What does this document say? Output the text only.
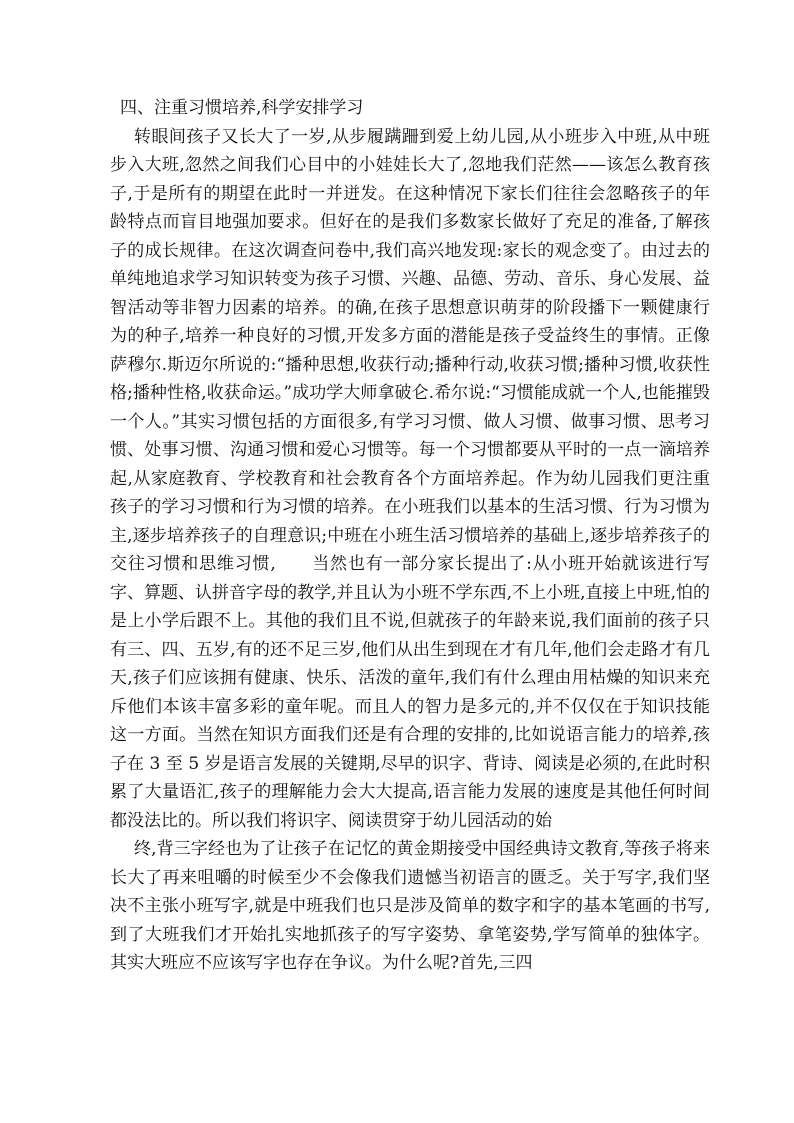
四、注重习惯培养,科学安排学习

转眼间孩子又长大了一岁,从步履蹒跚到爱上幼儿园,从小班步入中班,从中班步入大班,忽然之间我们心目中的小娃娃长大了,忽地我们茫然——该怎么教育孩子,于是所有的期望在此时一并迸发。在这种情况下家长们往往会忽略孩子的年龄特点而盲目地强加要求。但好在的是我们多数家长做好了充足的准备,了解孩子的成长规律。在这次调查问卷中,我们高兴地发现:家长的观念变了。由过去的单纯地追求学习知识转变为孩子习惯、兴趣、品德、劳动、音乐、身心发展、益智活动等非智力因素的培养。的确,在孩子思想意识萌芽的阶段播下一颗健康行为的种子,培养一种良好的习惯,开发多方面的潜能是孩子受益终生的事情。正像萨穆尔.斯迈尔所说的:“播种思想,收获行动;播种行动,收获习惯;播种习惯,收获性格;播种性格,收获命运。”成功学大师拿破仑.希尔说:“习惯能成就一个人,也能摧毁一个人。”其实习惯包括的方面很多,有学习习惯、做人习惯、做事习惯、思考习惯、处事习惯、沟通习惯和爱心习惯等。每一个习惯都要从平时的一点一滴培养起,从家庭教育、学校教育和社会教育各个方面培养起。作为幼儿园我们更注重孩子的学习习惯和行为习惯的培养。在小班我们以基本的生活习惯、行为习惯为主,逐步培养孩子的自理意识;中班在小班生活习惯培养的基础上,逐步培养孩子的交往习惯和思维习惯,　　当然也有一部分家长提出了:从小班开始就该进行写字、算题、认拼音字母的教学,并且认为小班不学东西,不上小班,直接上中班,怕的是上小学后跟不上。其他的我们且不说,但就孩子的年龄来说,我们面前的孩子只有三、四、五岁,有的还不足三岁,他们从出生到现在才有几年,他们会走路才有几天,孩子们应该拥有健康、快乐、活泼的童年,我们有什么理由用枯燥的知识来充斥他们本该丰富多彩的童年呢。而且人的智力是多元的,并不仅仅在于知识技能这一方面。当然在知识方面我们还是有合理的安排的,比如说语言能力的培养,孩子在 3 至 5 岁是语言发展的关键期,尽早的识字、背诗、阅读是必须的,在此时积累了大量语汇,孩子的理解能力会大大提高,语言能力发展的速度是其他任何时间都没法比的。所以我们将识字、阅读贯穿于幼儿园活动的始

终,背三字经也为了让孩子在记忆的黄金期接受中国经典诗文教育,等孩子将来长大了再来咀嚼的时候至少不会像我们遗憾当初语言的匮乏。关于写字,我们坚决不主张小班写字,就是中班我们也只是涉及简单的数字和字的基本笔画的书写,到了大班我们才开始扎实地抓孩子的写字姿势、拿笔姿势,学写简单的独体字。其实大班应不应该写字也存在争议。为什么呢?首先,三四
